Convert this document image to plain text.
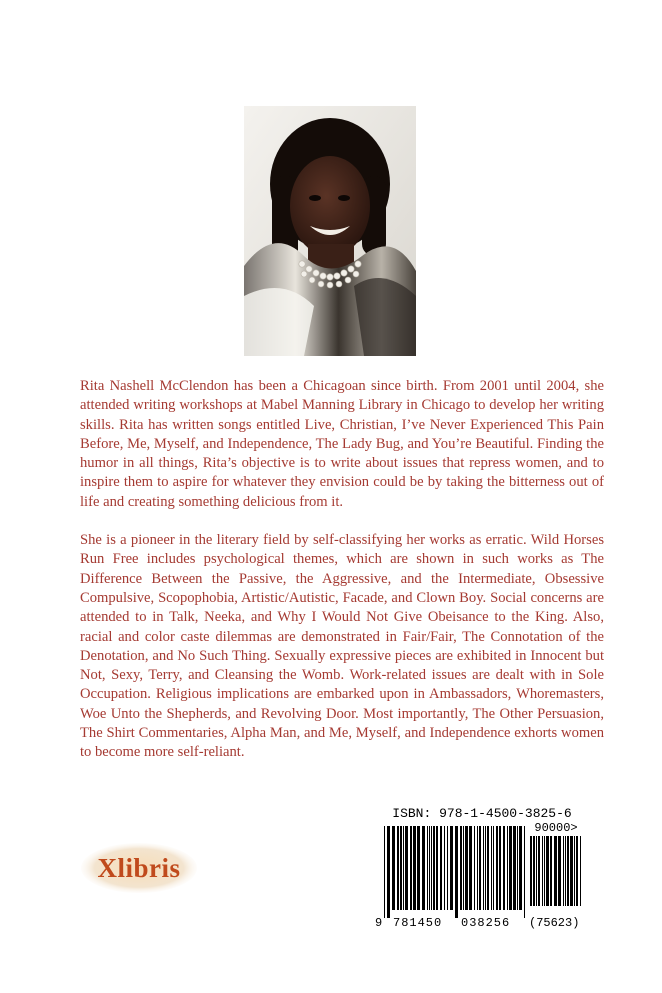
Rita Nashell McClendon has been a Chicagoan since birth. From 2001 until 2004, she attended writing workshops at Mabel Manning Library in Chicago to develop her writing skills. Rita has written songs entitled Live, Christian, I’ve Never Experienced This Pain Before, Me, Myself, and Independence, The Lady Bug, and You’re Beautiful. Finding the humor in all things, Rita’s objective is to write about issues that repress women, and to inspire them to aspire for whatever they envision could be by taking the bitterness out of life and creating something delicious from it.

She is a pioneer in the literary field by self-classifying her works as erratic. Wild Horses Run Free includes psychological themes, which are shown in such works as The Difference Between the Passive, the Aggressive, and the Intermediate, Obsessive Compulsive, Scopophobia, Artistic/Autistic, Facade, and Clown Boy. Social concerns are attended to in Talk, Neeka, and Why I Would Not Give Obeisance to the King. Also, racial and color caste dilemmas are demonstrated in Fair/Fair, The Connotation of the Denotation, and No Such Thing. Sexually expressive pieces are exhibited in Innocent but Not, Sexy, Terry, and Cleansing the Womb. Work-related issues are dealt with in Sole Occupation. Religious implications are embarked upon in Ambassadors, Whoremasters, Woe Unto the Shepherds, and Revolving Door. Most importantly, The Other Persuasion, The Shirt Commentaries, Alpha Man, and Me, Myself, and Independence exhorts women to become more self-reliant.

Xlibris
ISBN: 978-1-4500-3825-6
90000>
9 781450 038256 (75623)
